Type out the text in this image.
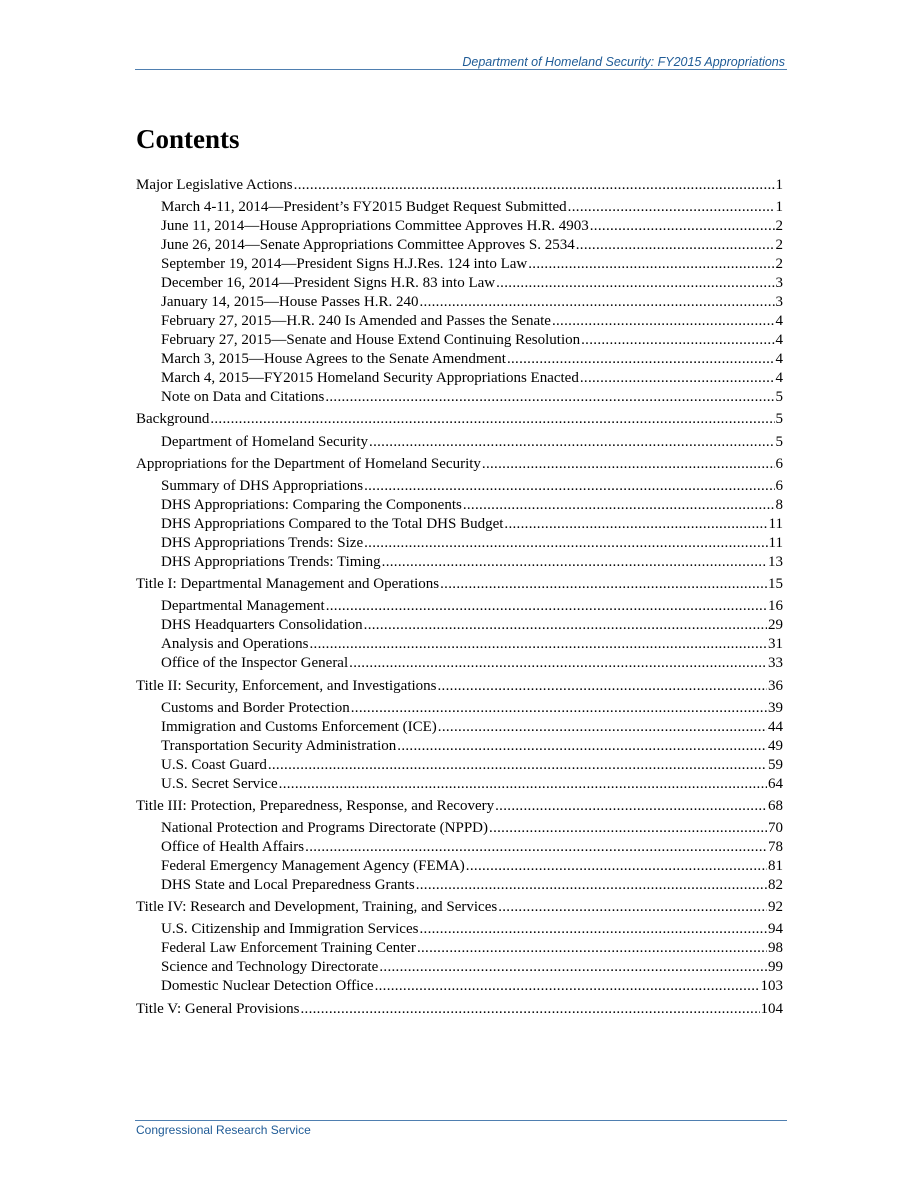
Department of Homeland Security: FY2015 Appropriations
Contents
Major Legislative Actions .....	1
March 4-11, 2014—President’s FY2015 Budget Request Submitted .....	1
June 11, 2014—House Appropriations Committee Approves H.R. 4903 .....	2
June 26, 2014—Senate Appropriations Committee Approves S. 2534 .....	2
September 19, 2014—President Signs H.J.Res. 124 into Law .....	2
December 16, 2014—President Signs H.R. 83 into Law .....	3
January 14, 2015—House Passes H.R. 240 .....	3
February 27, 2015—H.R. 240 Is Amended and Passes the Senate .....	4
February 27, 2015—Senate and House Extend Continuing Resolution .....	4
March 3, 2015—House Agrees to the Senate Amendment .....	4
March 4, 2015—FY2015 Homeland Security Appropriations Enacted .....	4
Note on Data and Citations .....	5
Background .....	5
Department of Homeland Security .....	5
Appropriations for the Department of Homeland Security .....	6
Summary of DHS Appropriations .....	6
DHS Appropriations: Comparing the Components .....	8
DHS Appropriations Compared to the Total DHS Budget .....	11
DHS Appropriations Trends: Size .....	11
DHS Appropriations Trends: Timing .....	13
Title I: Departmental Management and Operations .....	15
Departmental Management .....	16
DHS Headquarters Consolidation .....	29
Analysis and Operations .....	31
Office of the Inspector General .....	33
Title II: Security, Enforcement, and Investigations .....	36
Customs and Border Protection .....	39
Immigration and Customs Enforcement (ICE) .....	44
Transportation Security Administration .....	49
U.S. Coast Guard .....	59
U.S. Secret Service .....	64
Title III: Protection, Preparedness, Response, and Recovery .....	68
National Protection and Programs Directorate (NPPD) .....	70
Office of Health Affairs .....	78
Federal Emergency Management Agency (FEMA) .....	81
DHS State and Local Preparedness Grants .....	82
Title IV: Research and Development, Training, and Services .....	92
U.S. Citizenship and Immigration Services .....	94
Federal Law Enforcement Training Center .....	98
Science and Technology Directorate .....	99
Domestic Nuclear Detection Office .....	103
Title V: General Provisions .....	104
Congressional Research Service
